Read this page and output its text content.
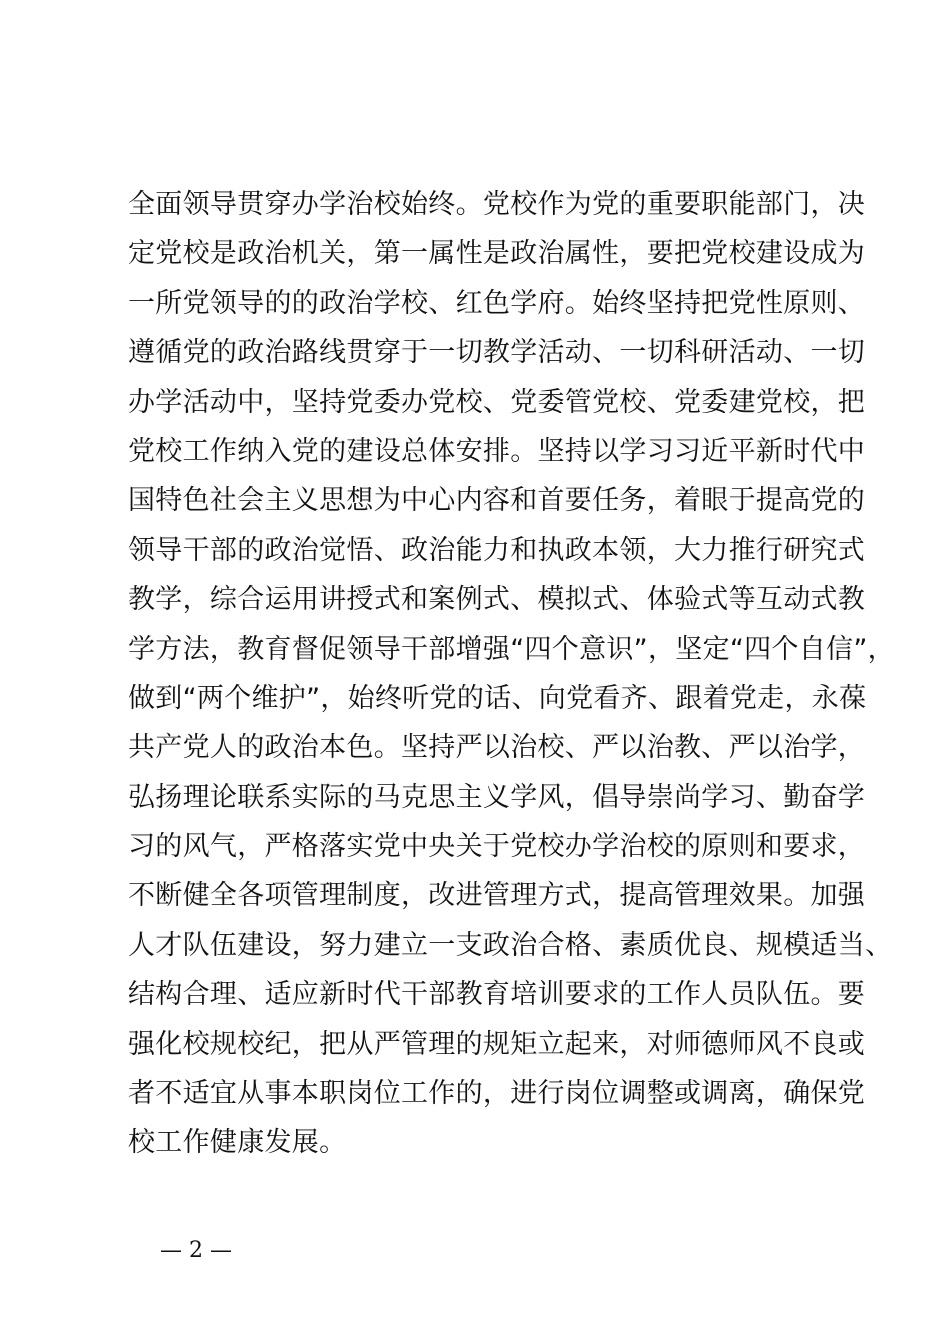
全面领导贯穿办学治校始终。党校作为党的重要职能部门，决
定党校是政治机关，第一属性是政治属性，要把党校建设成为
一所党领导的的政治学校、红色学府。始终坚持把党性原则、
遵循党的政治路线贯穿于一切教学活动、一切科研活动、一切
办学活动中，坚持党委办党校、党委管党校、党委建党校，把
党校工作纳入党的建设总体安排。坚持以学习习近平新时代中
国特色社会主义思想为中心内容和首要任务，着眼于提高党的
领导干部的政治觉悟、政治能力和执政本领，大力推行研究式
教学，综合运用讲授式和案例式、模拟式、体验式等互动式教
学方法，教育督促领导干部增强“四个意识”，坚定“四个自信”，
做到“两个维护”，始终听党的话、向党看齐、跟着党走，永葆
共产党人的政治本色。坚持严以治校、严以治教、严以治学，
弘扬理论联系实际的马克思主义学风，倡导崇尚学习、勤奋学
习的风气，严格落实党中央关于党校办学治校的原则和要求，
不断健全各项管理制度，改进管理方式，提高管理效果。加强
人才队伍建设，努力建立一支政治合格、素质优良、规模适当、
结构合理、适应新时代干部教育培训要求的工作人员队伍。要
强化校规校纪，把从严管理的规矩立起来，对师德师风不良或
者不适宜从事本职岗位工作的，进行岗位调整或调离，确保党
校工作健康发展。
— 2 —
